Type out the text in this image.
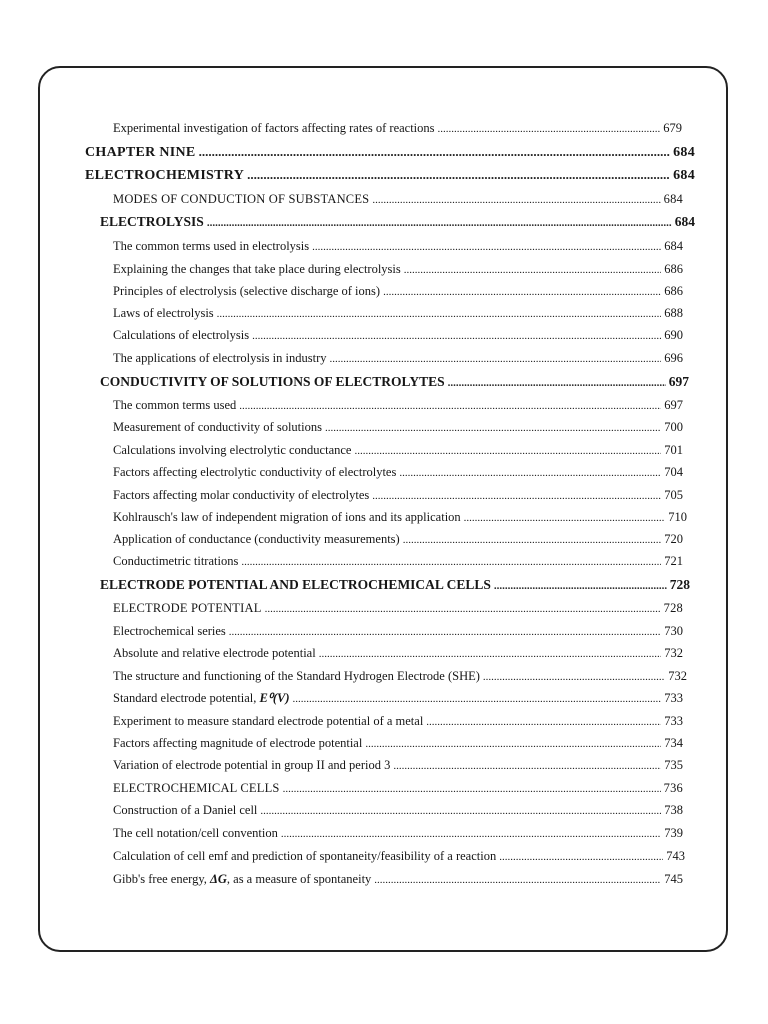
Experimental investigation of factors affecting rates of reactions .....	679
CHAPTER NINE .....	684
ELECTROCHEMISTRY .....	684
MODES OF CONDUCTION OF SUBSTANCES .....	684
ELECTROLYSIS .....	684
The common terms used in electrolysis .....	684
Explaining the changes that take place during electrolysis .....	686
Principles of electrolysis (selective discharge of ions) .....	686
Laws of electrolysis .....	688
Calculations of electrolysis .....	690
The applications of electrolysis in industry .....	696
CONDUCTIVITY OF SOLUTIONS OF ELECTROLYTES .....	697
The common terms used .....	697
Measurement of conductivity of solutions .....	700
Calculations involving electrolytic conductance .....	701
Factors affecting electrolytic conductivity of electrolytes .....	704
Factors affecting molar conductivity of electrolytes .....	705
Kohlrausch's law of independent migration of ions and its application .....	710
Application of conductance (conductivity measurements) .....	720
Conductimetric titrations .....	721
ELECTRODE POTENTIAL AND ELECTROCHEMICAL CELLS .....	728
ELECTRODE POTENTIAL .....	728
Electrochemical series .....	730
Absolute and relative electrode potential .....	732
The structure and functioning of the Standard Hydrogen Electrode (SHE) .....	732
Standard electrode potential, E⁰(V) .....	733
Experiment to measure standard electrode potential of a metal .....	733
Factors affecting magnitude of electrode potential .....	734
Variation of electrode potential in group II and period 3 .....	735
ELECTROCHEMICAL CELLS .....	736
Construction of a Daniel cell .....	738
The cell notation/cell convention .....	739
Calculation of cell emf and prediction of spontaneity/feasibility of a reaction .....	743
Gibb's free energy, ΔG, as a measure of spontaneity .....	745
